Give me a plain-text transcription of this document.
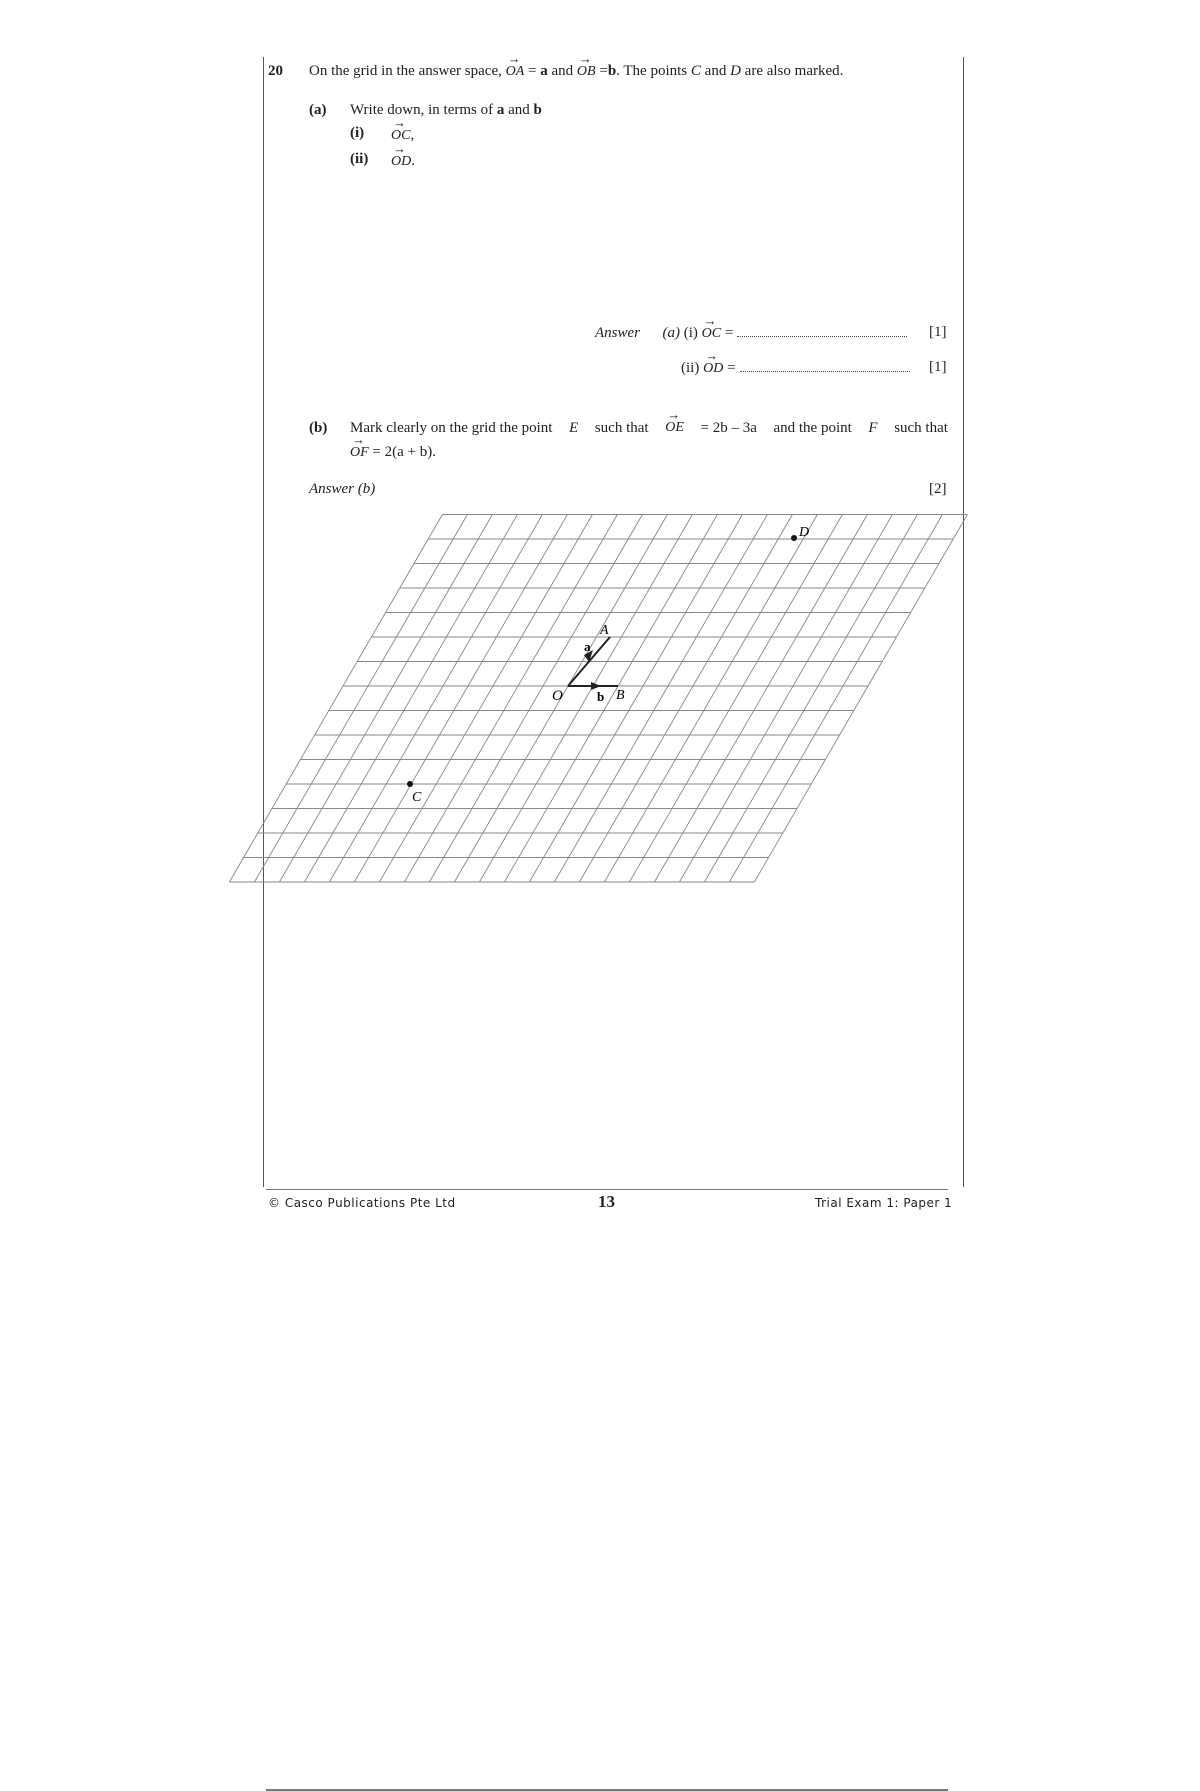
20 On the grid in the answer space, → OA = a and → OB =b. The points C and D are also marked.
(a) Write down, in terms of a and b
(i) → OC,
(ii) → OD.
Answer (a) (i) → OC =	[1]
(ii) → OD =	[1]
(b) Mark clearly on the grid the point E such that → OE = 2b – 3a and the point F such that
→ OF = 2(a + b).
Answer (b)	[2]
O
A
B
a
b
C
D
© Casco Publications Pte Ltd	13	Trial Exam 1: Paper 1
